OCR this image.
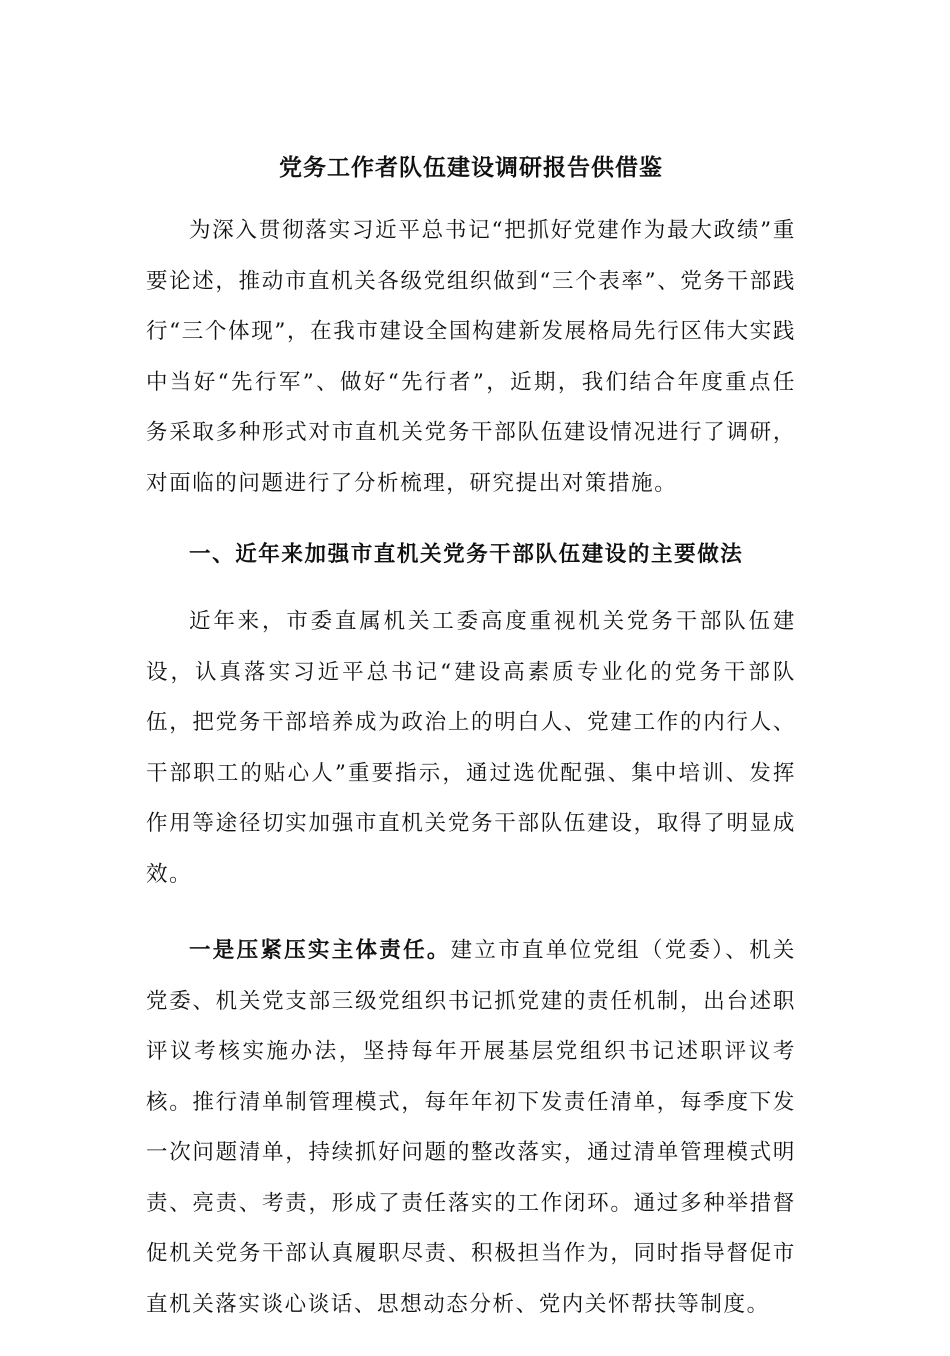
党务工作者队伍建设调研报告供借鉴

为深入贯彻落实习近平总书记“把抓好党建作为最大政绩”重要论述，推动市直机关各级党组织做到“三个表率”、党务干部践行“三个体现”，在我市建设全国构建新发展格局先行区伟大实践中当好“先行军”、做好“先行者”，近期，我们结合年度重点任务采取多种形式对市直机关党务干部队伍建设情况进行了调研，对面临的问题进行了分析梳理，研究提出对策措施。

一、近年来加强市直机关党务干部队伍建设的主要做法

近年来，市委直属机关工委高度重视机关党务干部队伍建设，认真落实习近平总书记“建设高素质专业化的党务干部队伍，把党务干部培养成为政治上的明白人、党建工作的内行人、干部职工的贴心人”重要指示，通过选优配强、集中培训、发挥作用等途径切实加强市直机关党务干部队伍建设，取得了明显成效。

一是压紧压实主体责任。建立市直单位党组（党委）、机关党委、机关党支部三级党组织书记抓党建的责任机制，出台述职评议考核实施办法，坚持每年开展基层党组织书记述职评议考核。推行清单制管理模式，每年年初下发责任清单，每季度下发一次问题清单，持续抓好问题的整改落实，通过清单管理模式明责、亮责、考责，形成了责任落实的工作闭环。通过多种举措督促机关党务干部认真履职尽责、积极担当作为，同时指导督促市直机关落实谈心谈话、思想动态分析、党内关怀帮扶等制度。
